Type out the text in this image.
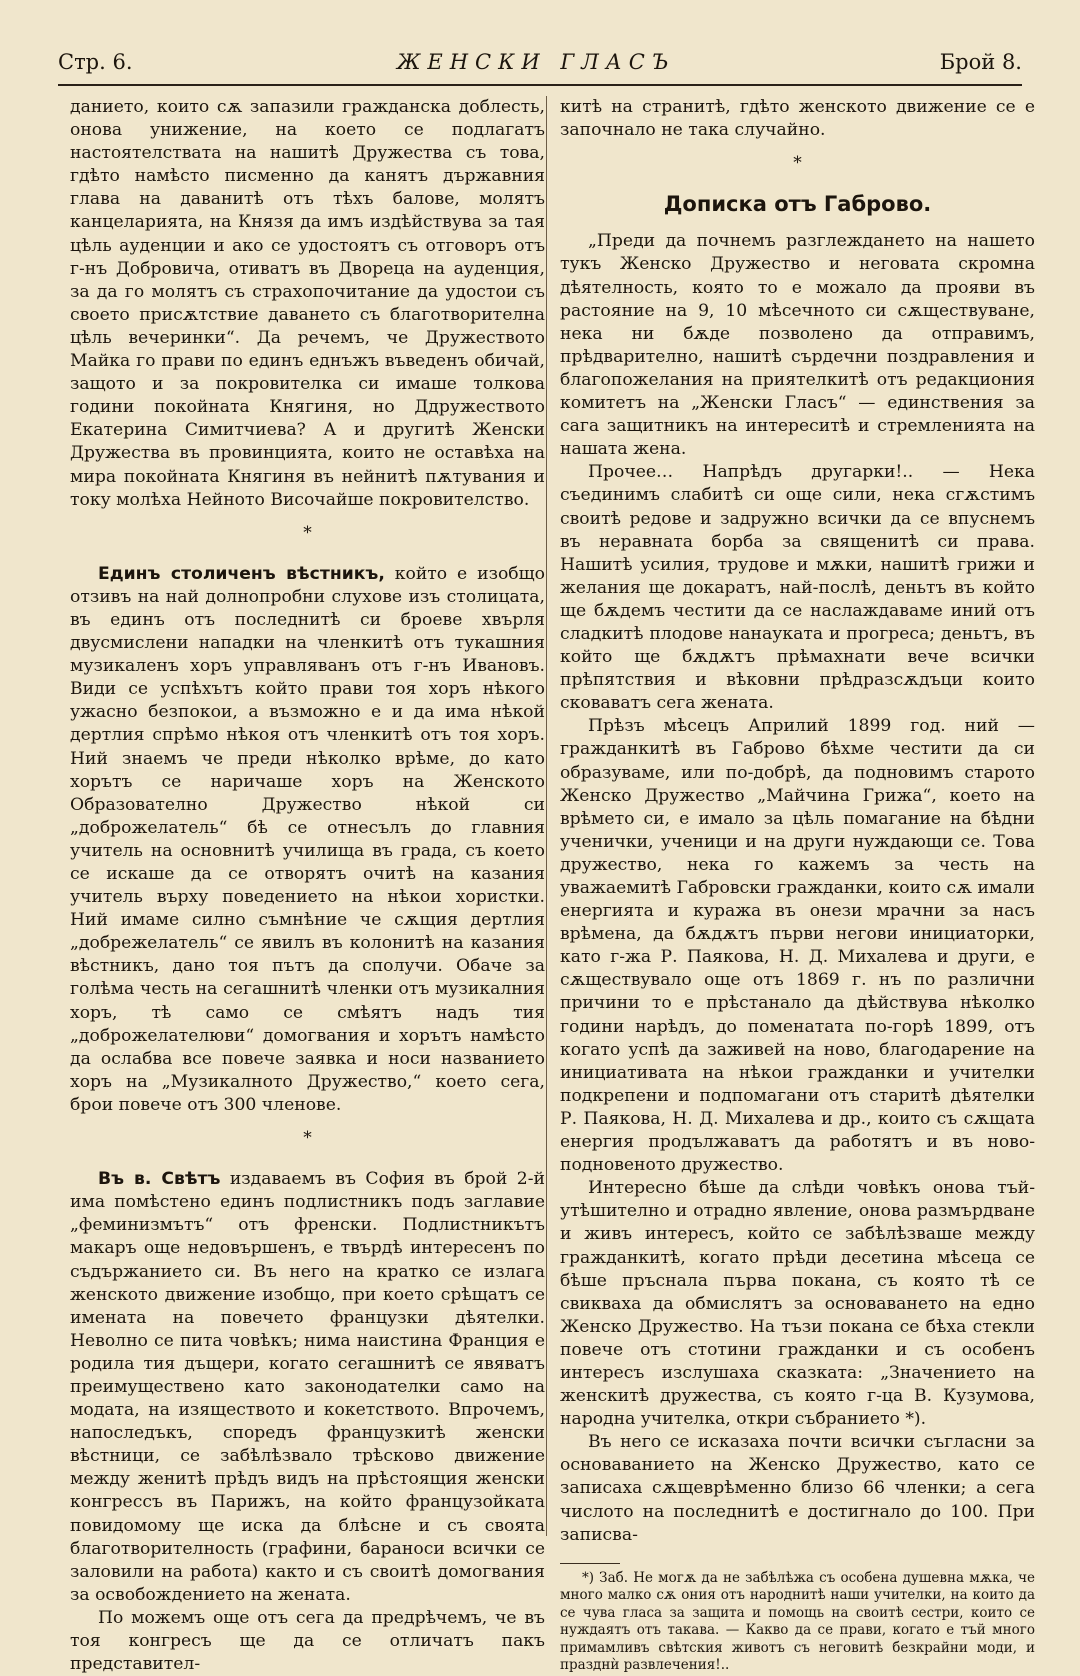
Стр. 6.	ЖЕНСКИ ГЛАСЪ	Брой 8.

данието, които сѫ запазили гражданска доблесть, онова унижение, на което се подлагатъ настоятелствата на нашитѣ Дружества съ това, гдѣто намѣсто писменно да канятъ държавния глава на даванитѣ отъ тѣхъ балове, молятъ канцеларията, на Князя да имъ издѣйствува за тая цѣль ауденции и ако се удостоятъ съ отговоръ отъ г-нъ Добровича, отиватъ въ Двореца на ауденция, за да го молятъ съ страхопочитание да удостои съ своето присѫтствие даването съ благотворителна цѣль вечеринки“. Да речемъ, че Дружеството Майка го прави по единъ еднъжъ въведенъ обичай, защото и за покровителка си имаше толкова години покойната Княгиня, но Ддружеството Екатерина Симитчиева? А и другитѣ Женски Дружества въ провинцията, които не оставѣха на мира покойната Княгиня въ нейнитѣ пѫтувания и току молѣха Нейното Височайше покровителство.

*

Единъ столиченъ вѣстникъ, който е изобщо отзивъ на най долнопробни слухове изъ столицата, въ единъ отъ последнитѣ си броеве хвърля двусмислени нападки на членкитѣ отъ тукашния музикаленъ хоръ управляванъ отъ г-нъ Ивановъ. Види се успѣхътъ който прави тоя хоръ нѣкого ужасно безпокои, а възможно е и да има нѣкой дертлия спрѣмо нѣкоя отъ членкитѣ отъ тоя хоръ. Ний знаемъ че преди нѣколко врѣме, до като хорътъ се наричаше хоръ на Женското Образователно Дружество нѣкой си „доброжелатель“ бѣ се отнесълъ до главния учитель на основнитѣ училища въ града, съ което се искаше да се отворятъ очитѣ на казания учитель върху поведението на нѣкои хористки. Ний имаме силно съмнѣние че сѫщия дертлия „добрежелатель“ се явилъ въ колонитѣ на казания вѣстникъ, дано тоя пътъ да сполучи. Обаче за голѣма честь на сегашнитѣ членки отъ музикалния хоръ, тѣ само се смѣятъ надъ тия „доброжелателюви“ домогвания и хорътъ намѣсто да ослабва все повече заявка и носи названието хоръ на „Музикалното Дружество,“ което сега, брои повече отъ 300 членове.

*

Въ в. Свѣтъ издаваемъ въ София въ брой 2-й има помѣстено единъ подлистникъ подъ заглавие „феминизмътъ“ отъ френски. Подлистникътъ макаръ още недовършенъ, е твърдѣ интересенъ по съдържанието си. Въ него на кратко се излага женското движение изобщо, при което срѣщатъ се имената на повечето французки дѣятелки. Неволно се пита човѣкъ; нима наистина Франция е родила тия дъщери, когато сегашнитѣ се явяватъ преимуществено като законодателки само на модата, на изяществото и кокетството. Впрочемъ, напоследъкъ, споредъ французкитѣ женски вѣстници, се забѣлѣзвало трѣсково движение между женитѣ прѣдъ видъ на прѣстоящия женски конгрессъ въ Парижъ, на който французойката повидомому ще иска да блѣсне и съ своята благотворителность (графини, бараноси всички се заловили на работа) както и съ своитѣ домогвания за освобождението на жената.

По можемъ още отъ сега да предрѣчемъ, че въ тоя конгресъ ще да се отличатъ пакъ представител-

китѣ на странитѣ, гдѣто женското движение се е започнало не така случайно.

*
Дописка отъ Габрово.

„Преди да почнемъ разглеждането на нашето тукъ Женско Дружество и неговата скромна дѣятелность, която то е можало да прояви въ растояние на 9, 10 мѣсечното си сѫществуване, нека ни бѫде позволено да отправимъ, прѣдварително, нашитѣ сърдечни поздравления и благопожелания на приятелкитѣ отъ редакциония комитетъ на „Женски Гласъ“ — единствения за сага защитникъ на интереситѣ и стремленията на нашата жена.

Прочее… Напрѣдъ другарки!.. — Нека съединимъ слабитѣ си още сили, нека сгѫстимъ своитѣ редове и задружно всички да се впуснемъ въ неравната борба за священитѣ си права. Нашитѣ усилия, трудове и мѫки, нашитѣ грижи и желания ще докаратъ, най-послѣ, деньтъ въ който ще бѫдемъ честити да се наслаждаваме иний отъ сладкитѣ плодове нанауката и прогреса; деньтъ, въ който ще бѫдѫтъ прѣмахнати вече всички прѣпятствия и вѣковни прѣдразсѫдъци които сковаватъ сега жената.

Прѣзъ мѣсецъ Априлий 1899 год. ний — гражданкитѣ въ Габрово бѣхме честити да си образуваме, или по-добрѣ, да подновимъ старото Женско Дружество „Майчина Грижа“, което на врѣмето си, е имало за цѣль помагание на бѣдни ученички, ученици и на други нуждающи се. Това дружество, нека го кажемъ за честь на уважаемитѣ Габровски гражданки, които сѫ имали енергията и куража въ онези мрачни за насъ врѣмена, да бѫдѫтъ първи негови инициаторки, като г-жа Р. Паякова, Н. Д. Михалева и други, е сѫществувало още отъ 1869 г. нъ по различни причини то е прѣстанало да дѣйствува нѣколко години нарѣдъ, до поменатата по-горѣ 1899, отъ когато успѣ да заживей на ново, благодарение на инициативата на нѣкои гражданки и учителки подкрепени и подпомагани отъ старитѣ дѣятелки Р. Паякова, Н. Д. Михалева и др., които съ сѫщата енергия продължаватъ да работятъ и въ ново-подновеното дружество.

Интересно бѣше да слѣди човѣкъ онова тъй-утѣшително и отрадно явление, онова размърдване и живъ интересъ, който се забѣлѣзваше между гражданкитѣ, когато прѣди десетина мѣсеца се бѣше пръснала първа покана, съ която тѣ се свикваха да обмислятъ за основаването на едно Женско Дружество. На тъзи покана се бѣха стекли повече отъ стотини гражданки и съ особенъ интересъ изслушаха сказката: „Значението на женскитѣ дружества, съ която г-ца В. Кузумова, народна учителка, откри събранието *).

Въ него се исказаха почти всички съгласни за основаванието на Женско Дружество, като се записаха сѫщеврѣменно близо 66 членки; а сега числото на последнитѣ е достигнало до 100. При записва-

*) Заб. Не могѫ да не забѣлѣжа съ особена душевна мѫка, че много малко сѫ ония отъ народнитѣ наши учителки, на които да се чува гласа за защита и помощь на своитѣ сестри, които се нуждаятъ отъ такава. — Какво да се прави, когато е тъй много примамливъ свѣтския животъ съ неговитѣ безкрайни моди, и празднѝ развлечения!..
